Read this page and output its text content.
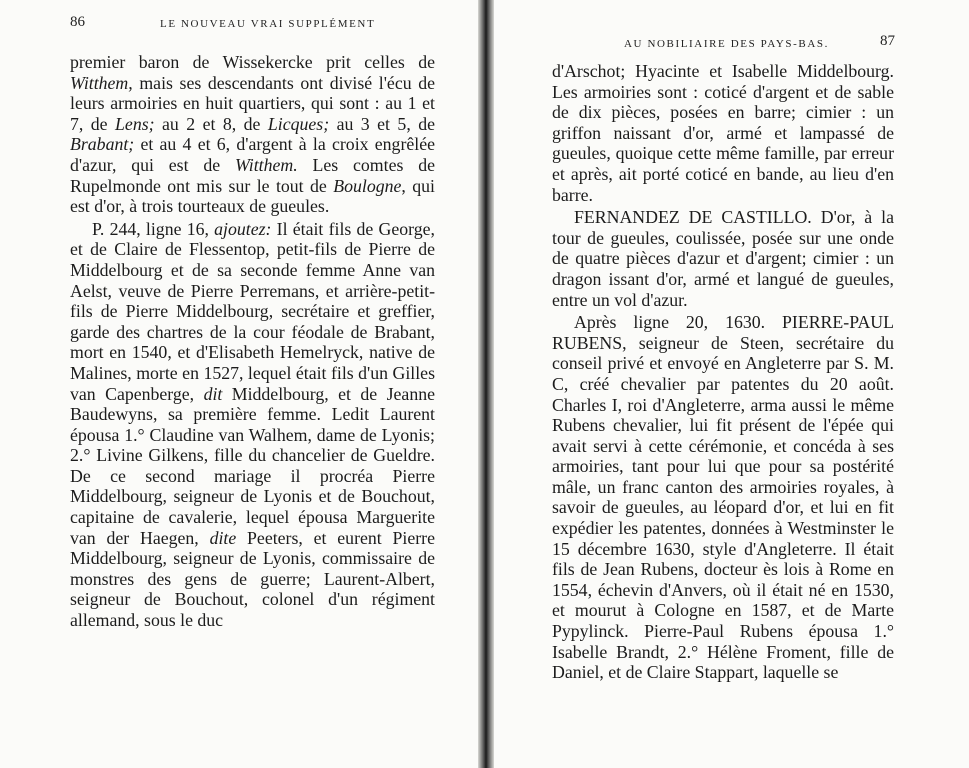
86	LE NOUVEAU VRAI SUPPLÉMENT

premier baron de Wissekercke prit celles de Witthem, mais ses descendants ont divisé l'écu de leurs armoiries en huit quartiers, qui sont : au 1 et 7, de Lens; au 2 et 8, de Licques; au 3 et 5, de Brabant; et au 4 et 6, d'argent à la croix engrêlée d'azur, qui est de Witthem. Les comtes de Rupelmonde ont mis sur le tout de Boulogne, qui est d'or, à trois tourteaux de gueules.

P. 244, ligne 16, ajoutez: Il était fils de George, et de Claire de Flessentop, petit-fils de Pierre de Middelbourg et de sa seconde femme Anne van Aelst, veuve de Pierre Perremans, et arrière-petit-fils de Pierre Middelbourg, secrétaire et greffier, garde des chartres de la cour féodale de Brabant, mort en 1540, et d'Elisabeth Hemelryck, native de Malines, morte en 1527, lequel était fils d'un Gilles van Capenberge, dit Middelbourg, et de Jeanne Baudewyns, sa première femme. Ledit Laurent épousa 1.° Claudine van Walhem, dame de Lyonis; 2.° Livine Gilkens, fille du chancelier de Gueldre. De ce second mariage il procréa Pierre Middelbourg, seigneur de Lyonis et de Bouchout, capitaine de cavalerie, lequel épousa Marguerite van der Haegen, dite Peeters, et eurent Pierre Middelbourg, seigneur de Lyonis, commissaire de monstres des gens de guerre; Laurent-Albert, seigneur de Bouchout, colonel d'un régiment allemand, sous le duc

AU NOBILIAIRE DES PAYS-BAS.	87

d'Arschot; Hyacinte et Isabelle Middelbourg. Les armoiries sont : coticé d'argent et de sable de dix pièces, posées en barre; cimier : un griffon naissant d'or, armé et lampassé de gueules, quoique cette même famille, par erreur et après, ait porté coticé en bande, au lieu d'en barre.

FERNANDEZ DE CASTILLO. D'or, à la tour de gueules, coulissée, posée sur une onde de quatre pièces d'azur et d'argent; cimier : un dragon issant d'or, armé et langué de gueules, entre un vol d'azur.

Après ligne 20, 1630. PIERRE-PAUL RUBENS, seigneur de Steen, secrétaire du conseil privé et envoyé en Angleterre par S. M. C, créé chevalier par patentes du 20 août. Charles I, roi d'Angleterre, arma aussi le même Rubens chevalier, lui fit présent de l'épée qui avait servi à cette cérémonie, et concéda à ses armoiries, tant pour lui que pour sa postérité mâle, un franc canton des armoiries royales, à savoir de gueules, au léopard d'or, et lui en fit expédier les patentes, données à Westminster le 15 décembre 1630, style d'Angleterre. Il était fils de Jean Rubens, docteur ès lois à Rome en 1554, échevin d'Anvers, où il était né en 1530, et mourut à Cologne en 1587, et de Marte Pypylinck. Pierre-Paul Rubens épousa 1.° Isabelle Brandt, 2.° Hélène Froment, fille de Daniel, et de Claire Stappart, laquelle se
